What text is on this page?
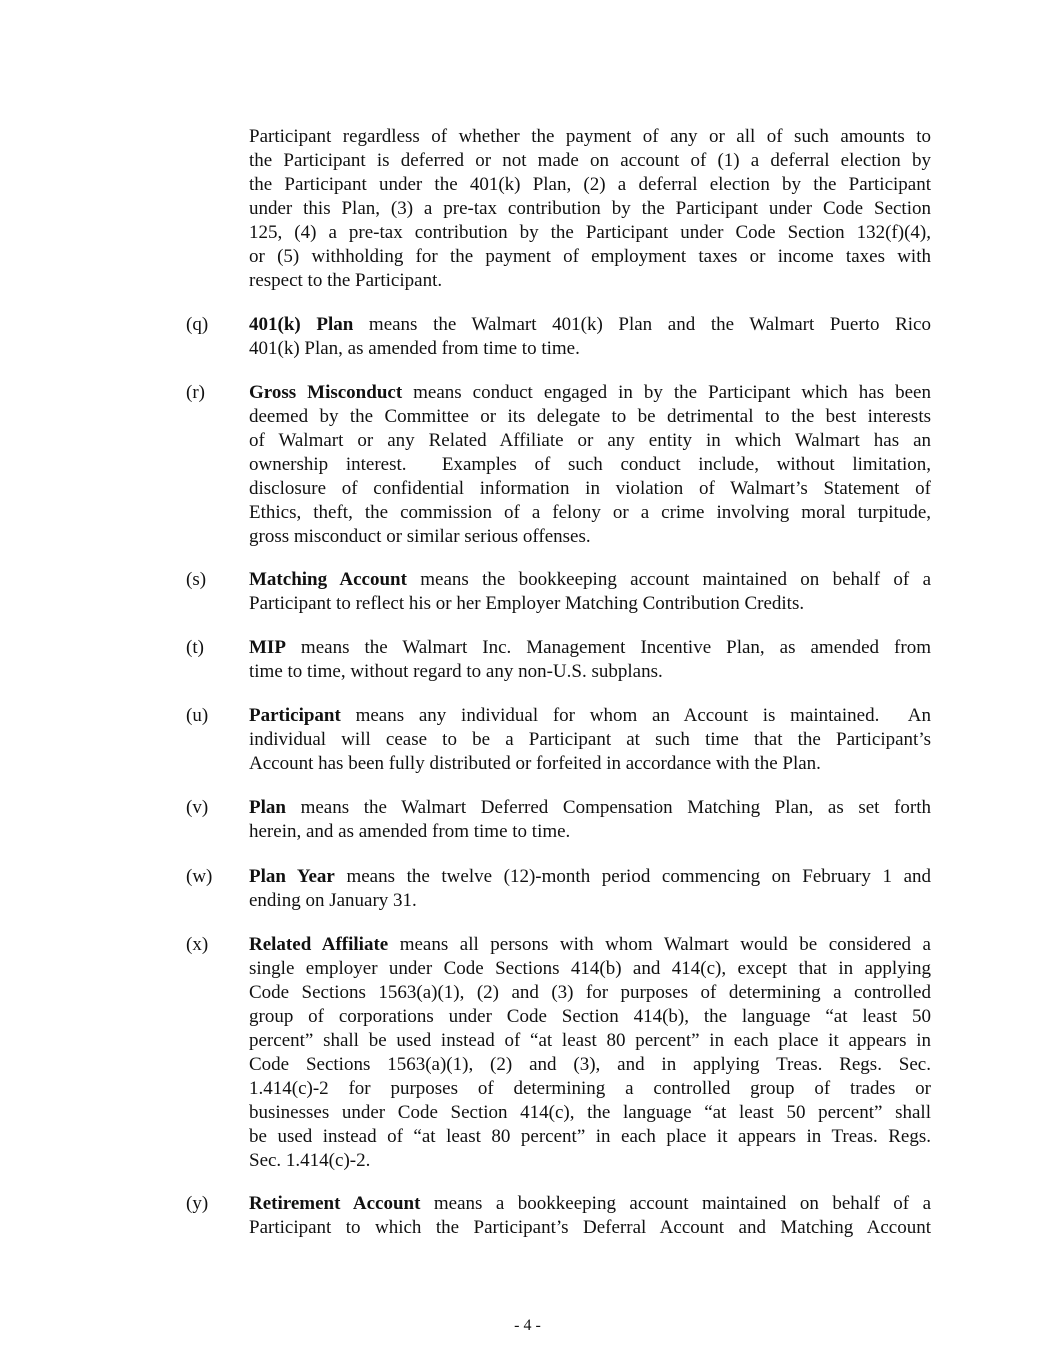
Participant regardless of whether the payment of any or all of such amounts to
the Participant is deferred or not made on account of (1) a deferral election by
the Participant under the 401(k) Plan, (2) a deferral election by the Participant
under this Plan, (3) a pre-tax contribution by the Participant under Code Section
125, (4) a pre-tax contribution by the Participant under Code Section 132(f)(4),
or (5) withholding for the payment of employment taxes or income taxes with
respect to the Participant.
(q) 401(k) Plan means the Walmart 401(k) Plan and the Walmart Puerto Rico
401(k) Plan, as amended from time to time.
(r) Gross Misconduct means conduct engaged in by the Participant which has been
deemed by the Committee or its delegate to be detrimental to the best interests
of Walmart or any Related Affiliate or any entity in which Walmart has an
ownership interest.  Examples of such conduct include, without limitation,
disclosure of confidential information in violation of Walmart’s Statement of
Ethics, theft, the commission of a felony or a crime involving moral turpitude,
gross misconduct or similar serious offenses.
(s) Matching Account means the bookkeeping account maintained on behalf of a
Participant to reflect his or her Employer Matching Contribution Credits.
(t) MIP means the Walmart Inc. Management Incentive Plan, as amended from
time to time, without regard to any non-U.S. subplans.
(u) Participant means any individual for whom an Account is maintained.  An
individual will cease to be a Participant at such time that the Participant’s
Account has been fully distributed or forfeited in accordance with the Plan.
(v) Plan means the Walmart Deferred Compensation Matching Plan, as set forth
herein, and as amended from time to time.
(w) Plan Year means the twelve (12)-month period commencing on February 1 and
ending on January 31.
(x) Related Affiliate means all persons with whom Walmart would be considered a
single employer under Code Sections 414(b) and 414(c), except that in applying
Code Sections 1563(a)(1), (2) and (3) for purposes of determining a controlled
group of corporations under Code Section 414(b), the language “at least 50
percent” shall be used instead of “at least 80 percent” in each place it appears in
Code Sections 1563(a)(1), (2) and (3), and in applying Treas. Regs. Sec.
1.414(c)-2 for purposes of determining a controlled group of trades or
businesses under Code Section 414(c), the language “at least 50 percent” shall
be used instead of “at least 80 percent” in each place it appears in Treas. Regs.
Sec. 1.414(c)-2.
(y) Retirement Account means a bookkeeping account maintained on behalf of a
Participant to which the Participant’s Deferral Account and Matching Account
- 4 -
